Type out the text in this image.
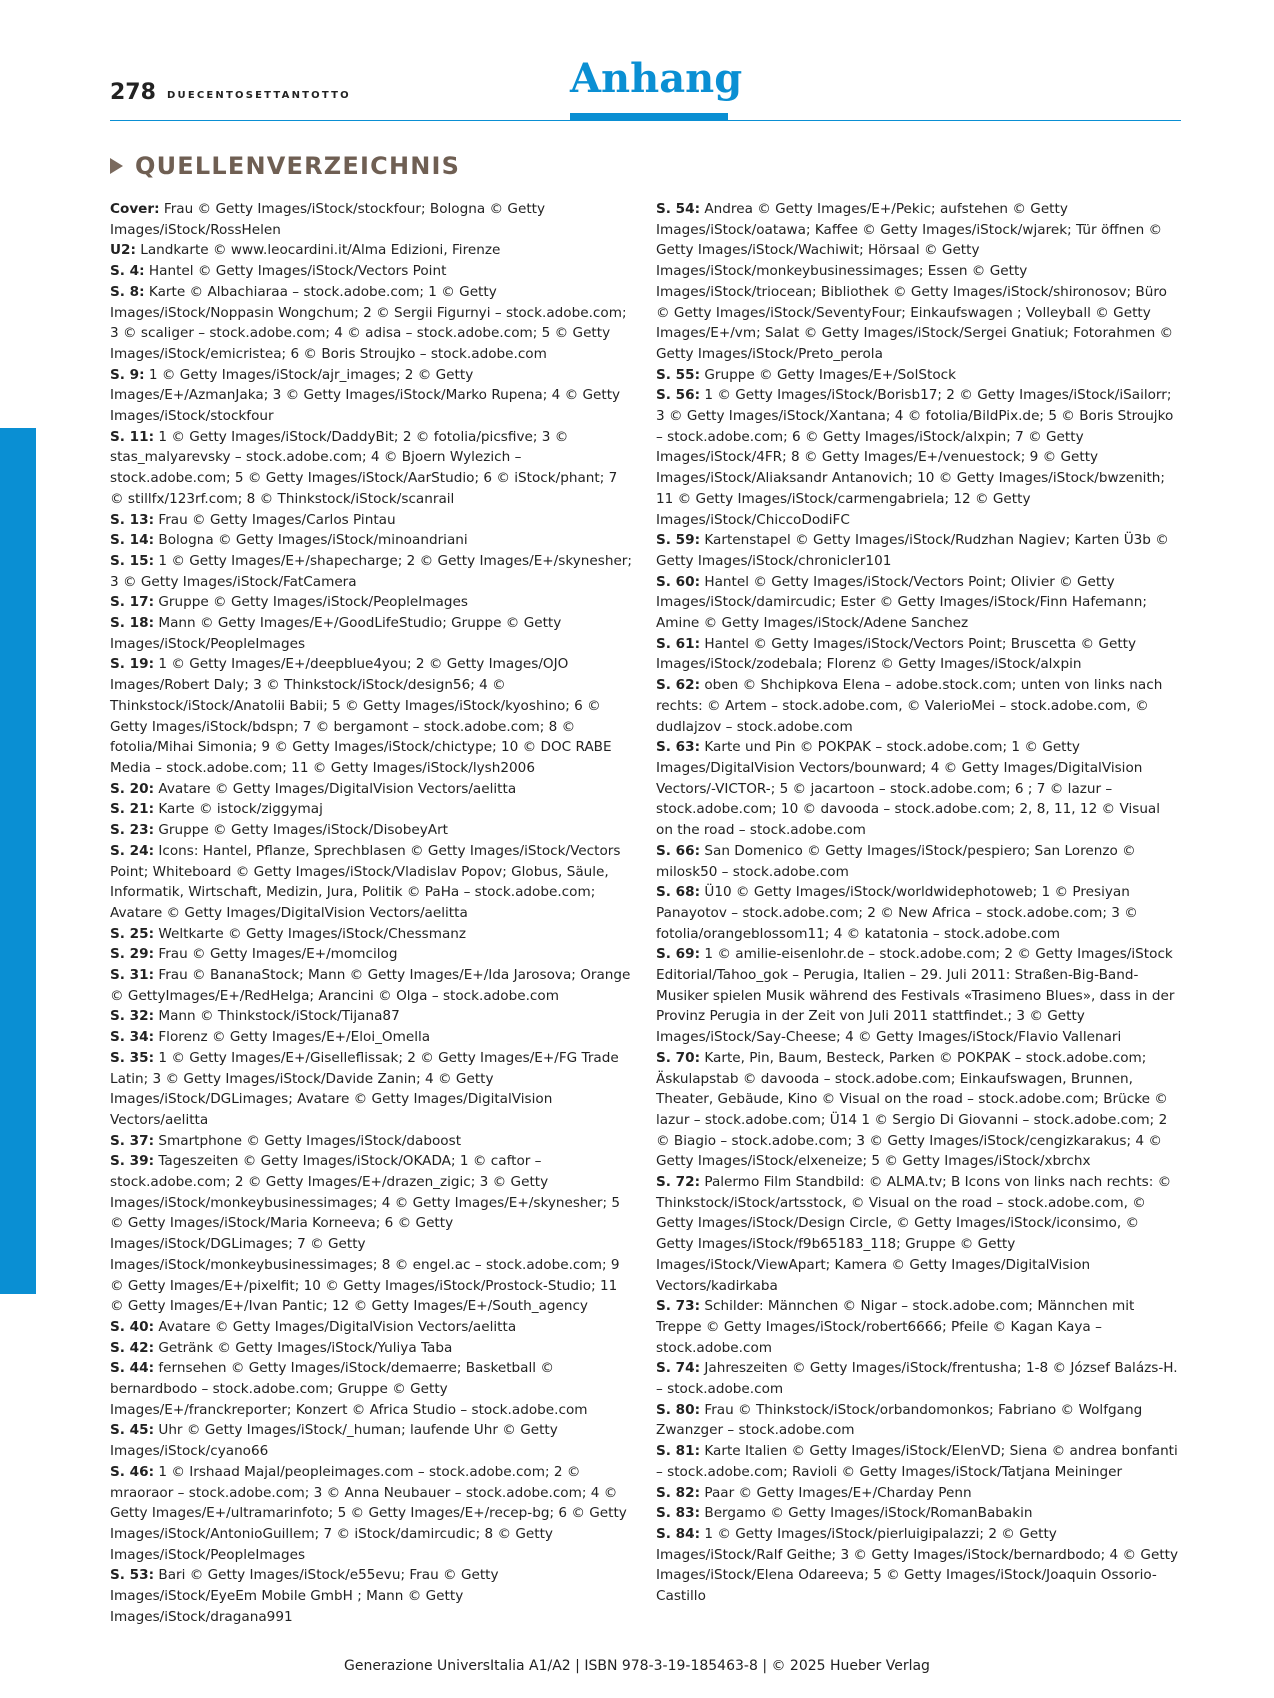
278 DUECENTOSETTANTOTTO	Anhang
QUELLENVERZEICHNIS
Cover: Frau © Getty Images/iStock/stockfour; Bologna © Getty Images/iStock/RossHelen
U2: Landkarte © www.leocardini.it/Alma Edizioni, Firenze
S. 4: Hantel © Getty Images/iStock/Vectors Point
S. 8: Karte © Albachiaraa – stock.adobe.com; 1 © Getty Images/iStock/Noppasin Wongchum; 2 © Sergii Figurnyi – stock.adobe.com; 3 © scaliger – stock.adobe.com; 4 © adisa – stock.adobe.com; 5 © Getty Images/iStock/emicristea; 6 © Boris Stroujko – stock.adobe.com
S. 9: 1 © Getty Images/iStock/ajr_images; 2 © Getty Images/E+/AzmanJaka; 3 © Getty Images/iStock/Marko Rupena; 4 © Getty Images/iStock/stockfour
S. 11: 1 © Getty Images/iStock/DaddyBit; 2 © fotolia/picsfive; 3 © stas_malyarevsky – stock.adobe.com; 4 © Bjoern Wylezich – stock.adobe.com; 5 © Getty Images/iStock/AarStudio; 6 © iStock/phant; 7 © stillfx/123rf.com; 8 © Thinkstock/iStock/scanrail
S. 13: Frau © Getty Images/Carlos Pintau
S. 14: Bologna © Getty Images/iStock/minoandriani
S. 15: 1 © Getty Images/E+/shapecharge; 2 © Getty Images/E+/skynesher; 3 © Getty Images/iStock/FatCamera
S. 17: Gruppe © Getty Images/iStock/PeopleImages
S. 18: Mann © Getty Images/E+/GoodLifeStudio; Gruppe © Getty Images/iStock/PeopleImages
S. 19: 1 © Getty Images/E+/deepblue4you; 2 © Getty Images/OJO Images/Robert Daly; 3 © Thinkstock/iStock/design56; 4 © Thinkstock/iStock/Anatolii Babii; 5 © Getty Images/iStock/kyoshino; 6 © Getty Images/iStock/bdspn; 7 © bergamont – stock.adobe.com; 8 © fotolia/Mihai Simonia; 9 © Getty Images/iStock/chictype; 10 © DOC RABE Media – stock.adobe.com; 11 © Getty Images/iStock/lysh2006
S. 20: Avatare © Getty Images/DigitalVision Vectors/aelitta
S. 21: Karte © istock/ziggymaj
S. 23: Gruppe © Getty Images/iStock/DisobeyArt
S. 24: Icons: Hantel, Pflanze, Sprechblasen © Getty Images/iStock/Vectors Point; Whiteboard © Getty Images/iStock/Vladislav Popov; Globus, Säule, Informatik, Wirtschaft, Medizin, Jura, Politik © PaHa – stock.adobe.com; Avatare © Getty Images/DigitalVision Vectors/aelitta
S. 25: Weltkarte © Getty Images/iStock/Chessmanz
S. 29: Frau © Getty Images/E+/momcilog
S. 31: Frau © BananaStock; Mann © Getty Images/E+/Ida Jarosova; Orange © GettyImages/E+/RedHelga; Arancini © Olga – stock.adobe.com
S. 32: Mann © Thinkstock/iStock/Tijana87
S. 34: Florenz © Getty Images/E+/Eloi_Omella
S. 35: 1 © Getty Images/E+/Giselleflissak; 2 © Getty Images/E+/FG Trade Latin; 3 © Getty Images/iStock/Davide Zanin; 4 © Getty Images/iStock/DGLimages; Avatare © Getty Images/DigitalVision Vectors/aelitta
S. 37: Smartphone © Getty Images/iStock/daboost
S. 39: Tageszeiten © Getty Images/iStock/OKADA; 1 © caftor – stock.adobe.com; 2 © Getty Images/E+/drazen_zigic; 3 © Getty Images/iStock/monkeybusinessimages; 4 © Getty Images/E+/skynesher; 5 © Getty Images/iStock/Maria Korneeva; 6 © Getty Images/iStock/DGLimages; 7 © Getty Images/iStock/monkeybusinessimages; 8 © engel.ac – stock.adobe.com; 9 © Getty Images/E+/pixelfit; 10 © Getty Images/iStock/Prostock-Studio; 11 © Getty Images/E+/Ivan Pantic; 12 © Getty Images/E+/South_agency
S. 40: Avatare © Getty Images/DigitalVision Vectors/aelitta
S. 42: Getränk © Getty Images/iStock/Yuliya Taba
S. 44: fernsehen © Getty Images/iStock/demaerre; Basketball © bernardbodo – stock.adobe.com; Gruppe © Getty Images/E+/franckreporter; Konzert © Africa Studio – stock.adobe.com
S. 45: Uhr © Getty Images/iStock/_human; laufende Uhr © Getty Images/iStock/cyano66
S. 46: 1 © Irshaad Majal/peopleimages.com – stock.adobe.com; 2 © mraoraor – stock.adobe.com; 3 © Anna Neubauer – stock.adobe.com; 4 © Getty Images/E+/ultramarinfoto; 5 © Getty Images/E+/recep-bg; 6 © Getty Images/iStock/AntonioGuillem; 7 © iStock/damircudic; 8 © Getty Images/iStock/PeopleImages
S. 53: Bari © Getty Images/iStock/e55evu; Frau © Getty Images/iStock/EyeEm Mobile GmbH ; Mann © Getty Images/iStock/dragana991
S. 54: Andrea © Getty Images/E+/Pekic; aufstehen © Getty Images/iStock/oatawa; Kaffee © Getty Images/iStock/wjarek; Tür öffnen © Getty Images/iStock/Wachiwit; Hörsaal © Getty Images/iStock/monkeybusinessimages; Essen © Getty Images/iStock/triocean; Bibliothek © Getty Images/iStock/shironosov; Büro © Getty Images/iStock/SeventyFour; Einkaufswagen ; Volleyball © Getty Images/E+/vm; Salat © Getty Images/iStock/Sergei Gnatiuk; Fotorahmen © Getty Images/iStock/Preto_perola
S. 55: Gruppe © Getty Images/E+/SolStock
S. 56: 1 © Getty Images/iStock/Borisb17; 2 © Getty Images/iStock/iSailorr; 3 © Getty Images/iStock/Xantana; 4 © fotolia/BildPix.de; 5 © Boris Stroujko – stock.adobe.com; 6 © Getty Images/iStock/alxpin; 7 © Getty Images/iStock/4FR; 8 © Getty Images/E+/venuestock; 9 © Getty Images/iStock/Aliaksandr Antanovich; 10 © Getty Images/iStock/bwzenith; 11 © Getty Images/iStock/carmengabriela; 12 © Getty Images/iStock/ChiccoDodiFC
S. 59: Kartenstapel © Getty Images/iStock/Rudzhan Nagiev; Karten Ü3b © Getty Images/iStock/chronicler101
S. 60: Hantel © Getty Images/iStock/Vectors Point; Olivier © Getty Images/iStock/damircudic; Ester © Getty Images/iStock/Finn Hafemann; Amine © Getty Images/iStock/Adene Sanchez
S. 61: Hantel © Getty Images/iStock/Vectors Point; Bruscetta © Getty Images/iStock/zodebala; Florenz © Getty Images/iStock/alxpin
S. 62: oben © Shchipkova Elena – adobe.stock.com; unten von links nach rechts: © Artem – stock.adobe.com, © ValerioMei – stock.adobe.com, © dudlajzov – stock.adobe.com
S. 63: Karte und Pin © POKPAK – stock.adobe.com; 1 © Getty Images/DigitalVision Vectors/bounward; 4 © Getty Images/DigitalVision Vectors/-VICTOR-; 5 © jacartoon – stock.adobe.com; 6 ; 7 © lazur – stock.adobe.com; 10 © davooda – stock.adobe.com; 2, 8, 11, 12 © Visual on the road – stock.adobe.com
S. 66: San Domenico © Getty Images/iStock/pespiero; San Lorenzo © milosk50 – stock.adobe.com
S. 68: Ü10 © Getty Images/iStock/worldwidephotoweb; 1 © Presiyan Panayotov – stock.adobe.com; 2 © New Africa – stock.adobe.com; 3 © fotolia/orangeblossom11; 4 © katatonia – stock.adobe.com
S. 69: 1 © amilie-eisenlohr.de – stock.adobe.com; 2 © Getty Images/iStock Editorial/Tahoo_gok – Perugia, Italien – 29. Juli 2011: Straßen-Big-Band-Musiker spielen Musik während des Festivals «Trasimeno Blues», dass in der Provinz Perugia in der Zeit von Juli 2011 stattfindet.; 3 © Getty Images/iStock/Say-Cheese; 4 © Getty Images/iStock/Flavio Vallenari
S. 70: Karte, Pin, Baum, Besteck, Parken © POKPAK – stock.adobe.com; Äskulapstab © davooda – stock.adobe.com; Einkaufswagen, Brunnen, Theater, Gebäude, Kino © Visual on the road – stock.adobe.com; Brücke © lazur – stock.adobe.com; Ü14 1 © Sergio Di Giovanni – stock.adobe.com; 2 © Biagio – stock.adobe.com; 3 © Getty Images/iStock/cengizkarakus; 4 © Getty Images/iStock/elxeneize; 5 © Getty Images/iStock/xbrchx
S. 72: Palermo Film Standbild: © ALMA.tv; B Icons von links nach rechts: © Thinkstock/iStock/artsstock, © Visual on the road – stock.adobe.com, © Getty Images/iStock/Design Circle, © Getty Images/iStock/iconsimo, © Getty Images/iStock/f9b65183_118; Gruppe © Getty Images/iStock/ViewApart; Kamera © Getty Images/DigitalVision Vectors/kadirkaba
S. 73: Schilder: Männchen © Nigar – stock.adobe.com; Männchen mit Treppe © Getty Images/iStock/robert6666; Pfeile © Kagan Kaya – stock.adobe.com
S. 74: Jahreszeiten © Getty Images/iStock/frentusha; 1-8 © József Balázs-H. – stock.adobe.com
S. 80: Frau © Thinkstock/iStock/orbandomonkos; Fabriano © Wolfgang Zwanzger – stock.adobe.com
S. 81: Karte Italien © Getty Images/iStock/ElenVD; Siena © andrea bonfanti – stock.adobe.com; Ravioli © Getty Images/iStock/Tatjana Meininger
S. 82: Paar © Getty Images/E+/Charday Penn
S. 83: Bergamo © Getty Images/iStock/RomanBabakin
S. 84: 1 © Getty Images/iStock/pierluigipalazzi; 2 © Getty Images/iStock/Ralf Geithe; 3 © Getty Images/iStock/bernardbodo; 4 © Getty Images/iStock/Elena Odareeva; 5 © Getty Images/iStock/Joaquin Ossorio-Castillo
Generazione UniversItalia A1/A2 | ISBN 978-3-19-185463-8 | © 2025 Hueber Verlag
